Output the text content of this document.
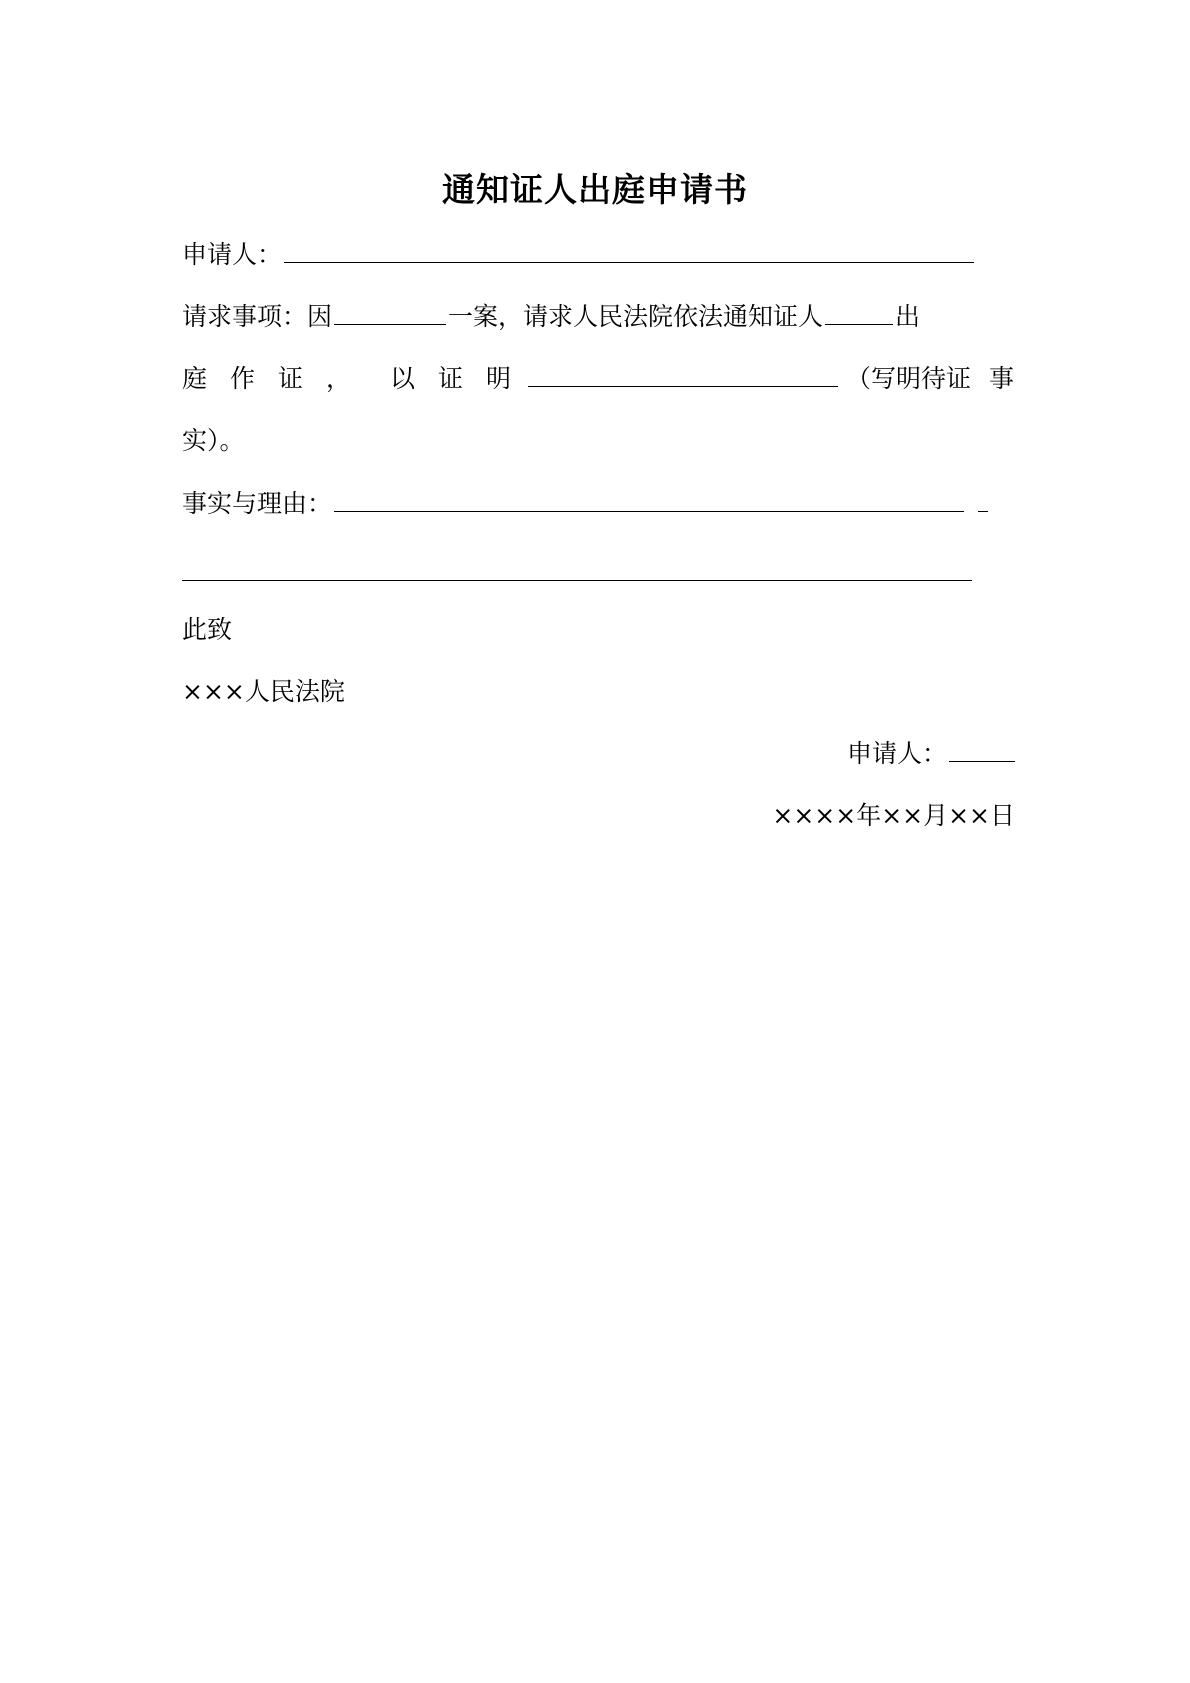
通知证人出庭申请书
申请人：
请求事项：因	一案，请求人民法院依法通知证人	出
庭 作 证 ， 以 证 明	（写明待证 事
实）。
事实与理由：
此致
×××人民法院
申请人：
××××年××月××日
